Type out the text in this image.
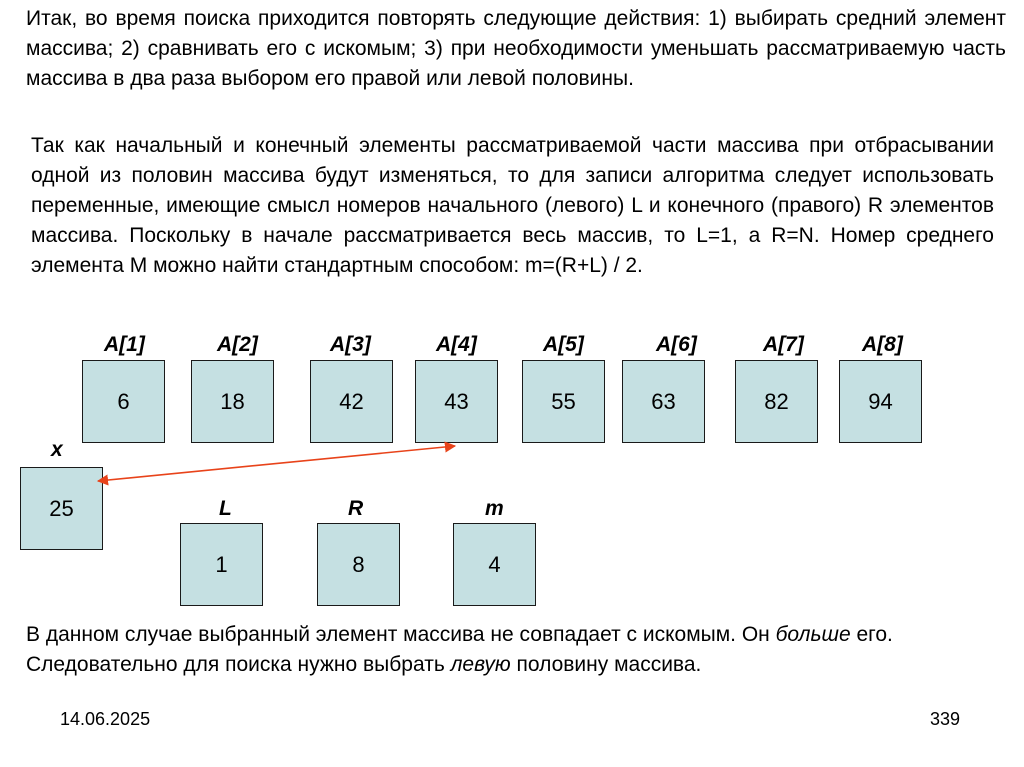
Итак, во время поиска приходится повторять следующие действия: 1) выбирать средний элемент массива; 2) сравнивать его с искомым; 3) при необходимости уменьшать рассматриваемую часть массива в два раза выбором его правой или левой половины.

Так как начальный и конечный элементы рассматриваемой части массива при отбрасывании одной из половин массива будут изменяться, то для записи алгоритма следует использовать переменные, имеющие смысл номеров начального (левого) L и конечного (правого) R элементов массива. Поскольку в начале рассматривается весь массив, то L=1, а R=N. Номер среднего элемента M можно найти стандартным способом: m=(R+L) / 2.

A[1]	A[2]	A[3]	A[4]	A[5]	A[6]	A[7]	A[8]
6	18	42	43	55	63	82	94
x
25	L
1
R
8
m
4

В данном случае выбранный элемент массива не совпадает с искомым. Он больше его. Следовательно для поиска нужно выбрать левую половину массива.

14.06.2025	339
